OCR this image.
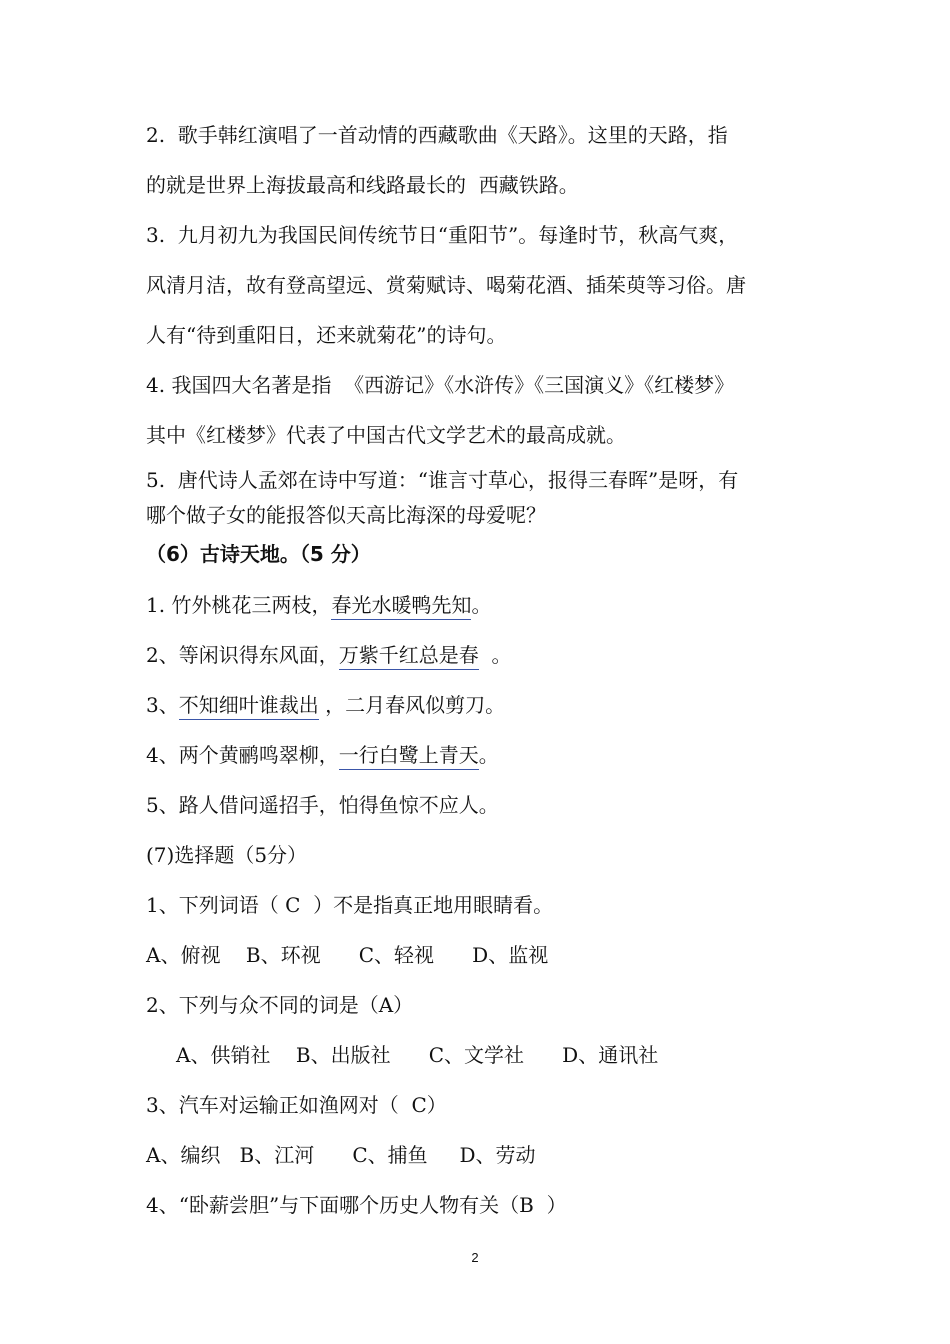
2.  歌手韩红演唱了一首动情的西藏歌曲《天路》。这里的天路，指
的就是世界上海拔最高和线路最长的  西藏铁路。
3.  九月初九为我国民间传统节日“重阳节”。每逢时节，秋高气爽，
风清月洁，故有登高望远、赏菊赋诗、喝菊花酒、插茱萸等习俗。唐
人有“待到重阳日，还来就菊花”的诗句。
4. 我国四大名著是指  《西游记》《水浒传》《三国演义》《红楼梦》
其中《红楼梦》代表了中国古代文学艺术的最高成就。
5.  唐代诗人孟郊在诗中写道：“谁言寸草心，报得三春晖”是呀，有
哪个做子女的能报答似天高比海深的母爱呢？
（6）古诗天地。（5 分）
1. 竹外桃花三两枝，春光水暖鸭先知。
2、等闲识得东风面，万紫千红总是春  。
3、不知细叶谁裁出 ，二月春风似剪刀。
4、两个黄鹂鸣翠柳，一行白鹭上青天。
5、路人借问遥招手，怕得鱼惊不应人。
(7)选择题（5分）
1、下列词语（ C  ）不是指真正地用眼睛看。
A、俯视    B、环视      C、轻视      D、监视
2、下列与众不同的词是（A）
A、供销社    B、出版社      C、文学社      D、通讯社
3、汽车对运输正如渔网对（  C）
A、编织   B、江河      C、捕鱼     D、劳动
4、“卧薪尝胆”与下面哪个历史人物有关（B  ）
2
